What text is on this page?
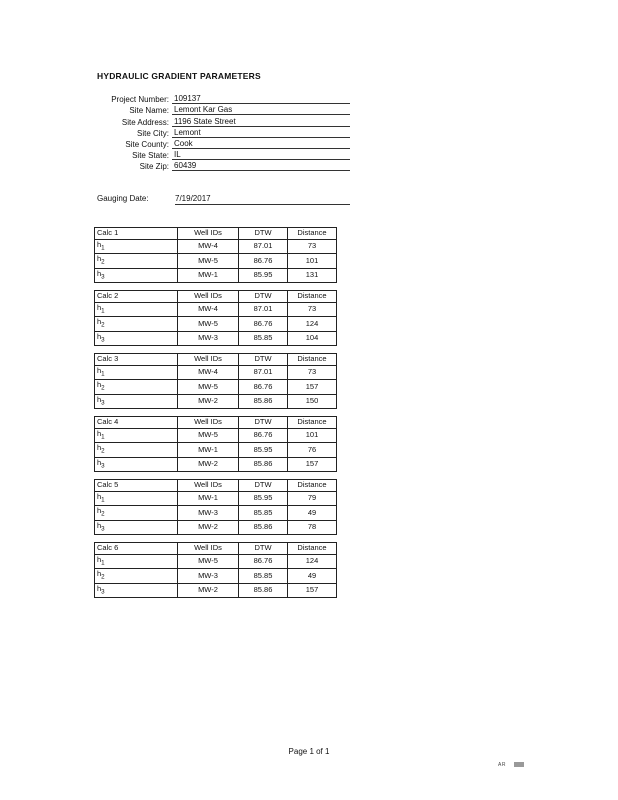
HYDRAULIC GRADIENT PARAMETERS
Project Number: 109137
Site Name: Lemont Kar Gas
Site Address: 1196 State Street
Site City: Lemont
Site County: Cook
Site State: IL
Site Zip: 60439
Gauging Date:	7/19/2017
Calc 1	Well IDs	DTW	Distance
$h_1$	MW-4	87.01	73
$h_2$	MW-5	86.76	101
$h_3$	MW-1	85.95	131
Calc 2	Well IDs	DTW	Distance
$h_1$	MW-4	87.01	73
$h_2$	MW-5	86.76	124
$h_3$	MW-3	85.85	104
Calc 3	Well IDs	DTW	Distance
$h_1$	MW-4	87.01	73
$h_2$	MW-5	86.76	157
$h_3$	MW-2	85.86	150
Calc 4	Well IDs	DTW	Distance
$h_1$	MW-5	86.76	101
$h_2$	MW-1	85.95	76
$h_3$	MW-2	85.86	157
Calc 5	Well IDs	DTW	Distance
$h_1$	MW-1	85.95	79
$h_2$	MW-3	85.85	49
$h_3$	MW-2	85.86	78
Calc 6	Well IDs	DTW	Distance
$h_1$	MW-5	86.76	124
$h_2$	MW-3	85.85	49
$h_3$	MW-2	85.86	157
Page 1 of 1
AR
